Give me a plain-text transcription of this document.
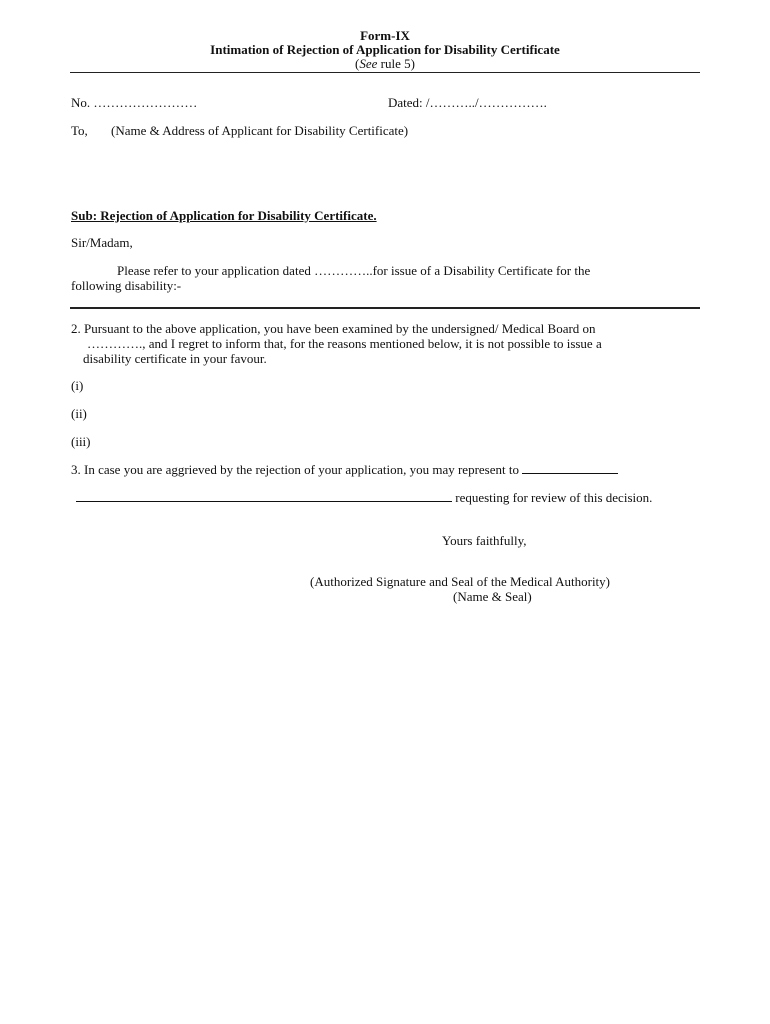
Form-IX
Intimation of Rejection of Application for Disability Certificate
(See rule 5)
No. ……………………	Dated: /………../…………….
To, (Name & Address of Applicant for Disability Certificate)
Sub: Rejection of Application for Disability Certificate.
Sir/Madam,
Please refer to your application dated …………..for issue of a Disability Certificate for the
following disability:-
2. Pursuant to the above application, you have been examined by the undersigned/ Medical Board on
…………., and I regret to inform that, for the reasons mentioned below, it is not possible to issue a
disability certificate in your favour.
(i)
(ii)
(iii)
3. In case you are aggrieved by the rejection of your application, you may represent to
requesting for review of this decision.
Yours faithfully,
(Authorized Signature and Seal of the Medical Authority)
(Name & Seal)
